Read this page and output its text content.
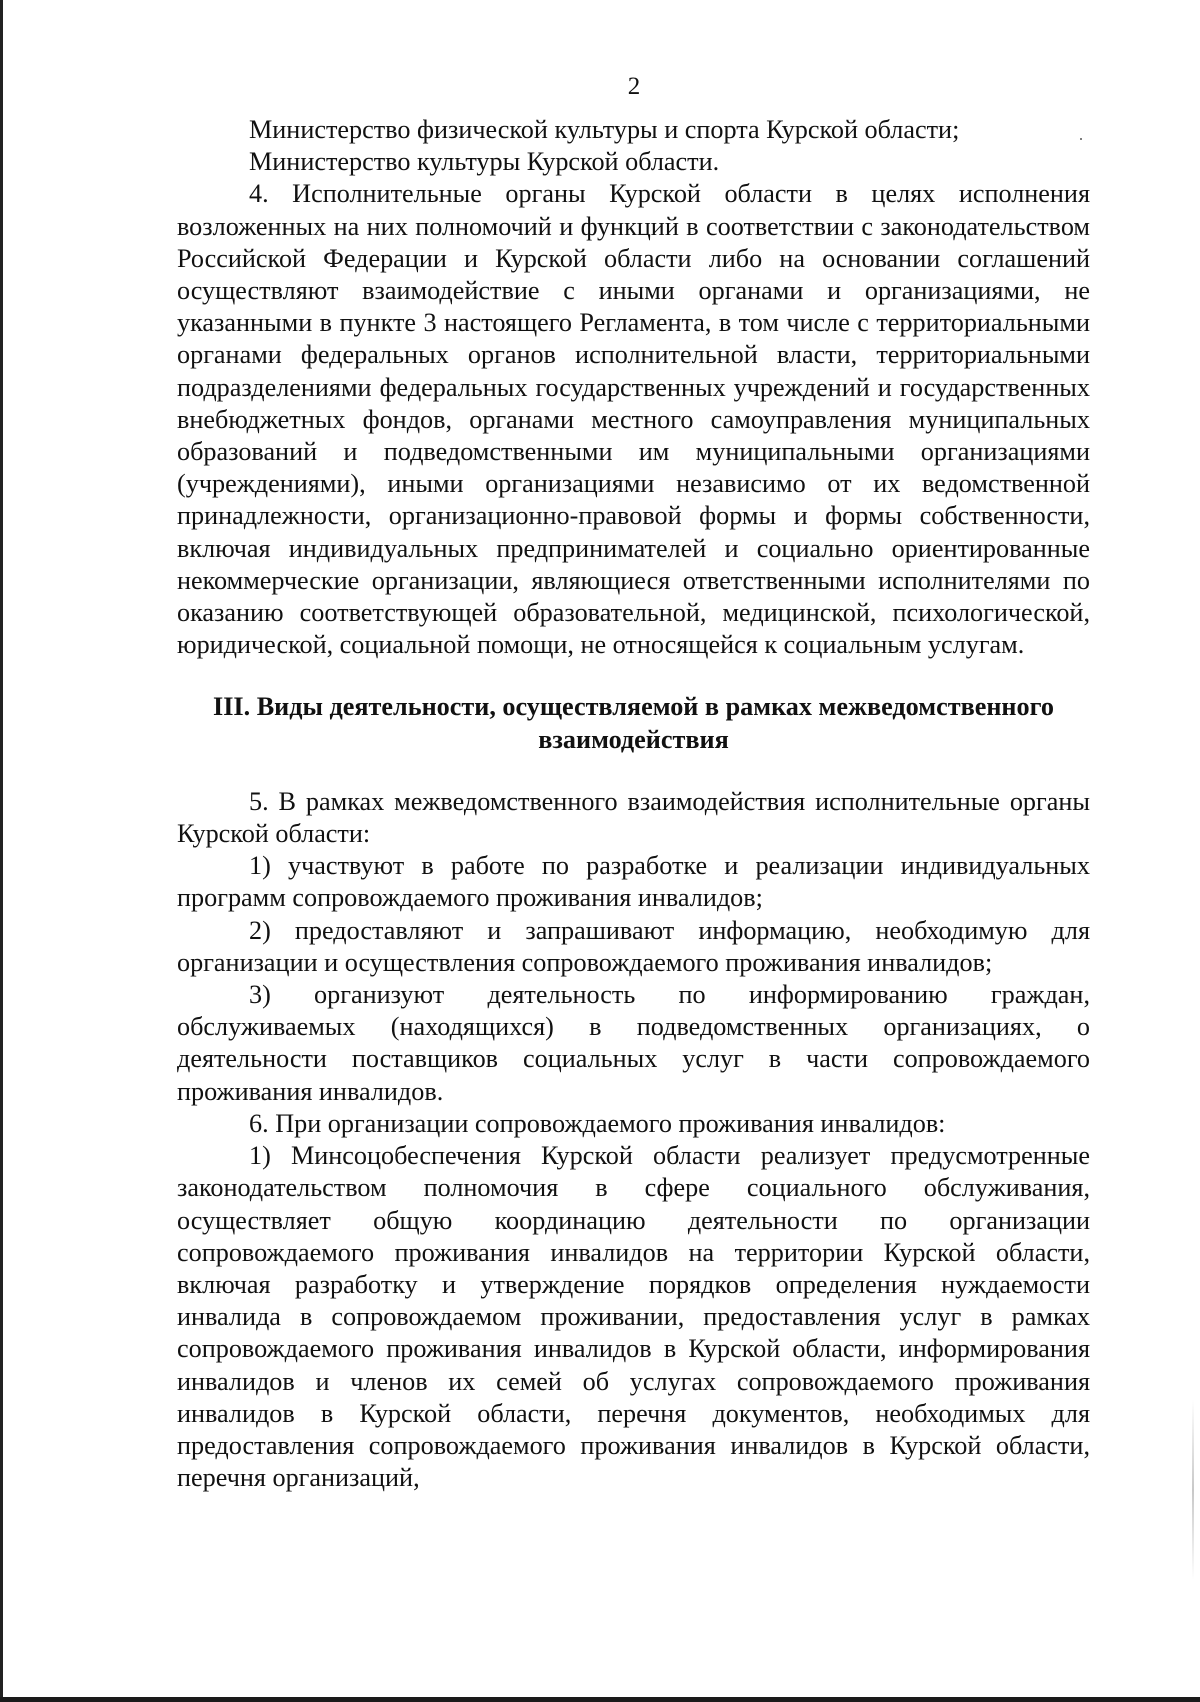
2

Министерство физической культуры и спорта Курской области;

Министерство культуры Курской области.

4. Исполнительные органы Курской области в целях исполнения возложенных на них полномочий и функций в соответствии с законодательством Российской Федерации и Курской области либо на основании соглашений осуществляют взаимодействие с иными органами и организациями, не указанными в пункте 3 настоящего Регламента, в том числе с территориальными органами федеральных органов исполнительной власти, территориальными подразделениями федеральных государственных учреждений и государственных внебюджетных фондов, органами местного самоуправления муниципальных образований и подведомственными им муниципальными организациями (учреждениями), иными организациями независимо от их ведомственной принадлежности, организационно-правовой формы и формы собственности, включая индивидуальных предпринимателей и социально ориентированные некоммерческие организации, являющиеся ответственными исполнителями по оказанию соответствующей образовательной, медицинской, психологической, юридической, социальной помощи, не относящейся к социальным услугам.

III. Виды деятельности, осуществляемой в рамках межведомственного взаимодействия

5. В рамках межведомственного взаимодействия исполнительные органы Курской области:

1) участвуют в работе по разработке и реализации индивидуальных программ сопровождаемого проживания инвалидов;

2) предоставляют и запрашивают информацию, необходимую для организации и осуществления сопровождаемого проживания инвалидов;

3) организуют деятельность по информированию граждан, обслуживаемых (находящихся) в подведомственных организациях, о деятельности поставщиков социальных услуг в части сопровождаемого проживания инвалидов.

6. При организации сопровождаемого проживания инвалидов:

1) Минсоцобеспечения Курской области реализует предусмотренные законодательством полномочия в сфере социального обслуживания, осуществляет общую координацию деятельности по организации сопровождаемого проживания инвалидов на территории Курской области, включая разработку и утверждение порядков определения нуждаемости инвалида в сопровождаемом проживании, предоставления услуг в рамках сопровождаемого проживания инвалидов в Курской области, информирования инвалидов и членов их семей об услугах сопровождаемого проживания инвалидов в Курской области, перечня документов, необходимых для предоставления сопровождаемого проживания инвалидов в Курской области, перечня организаций,
